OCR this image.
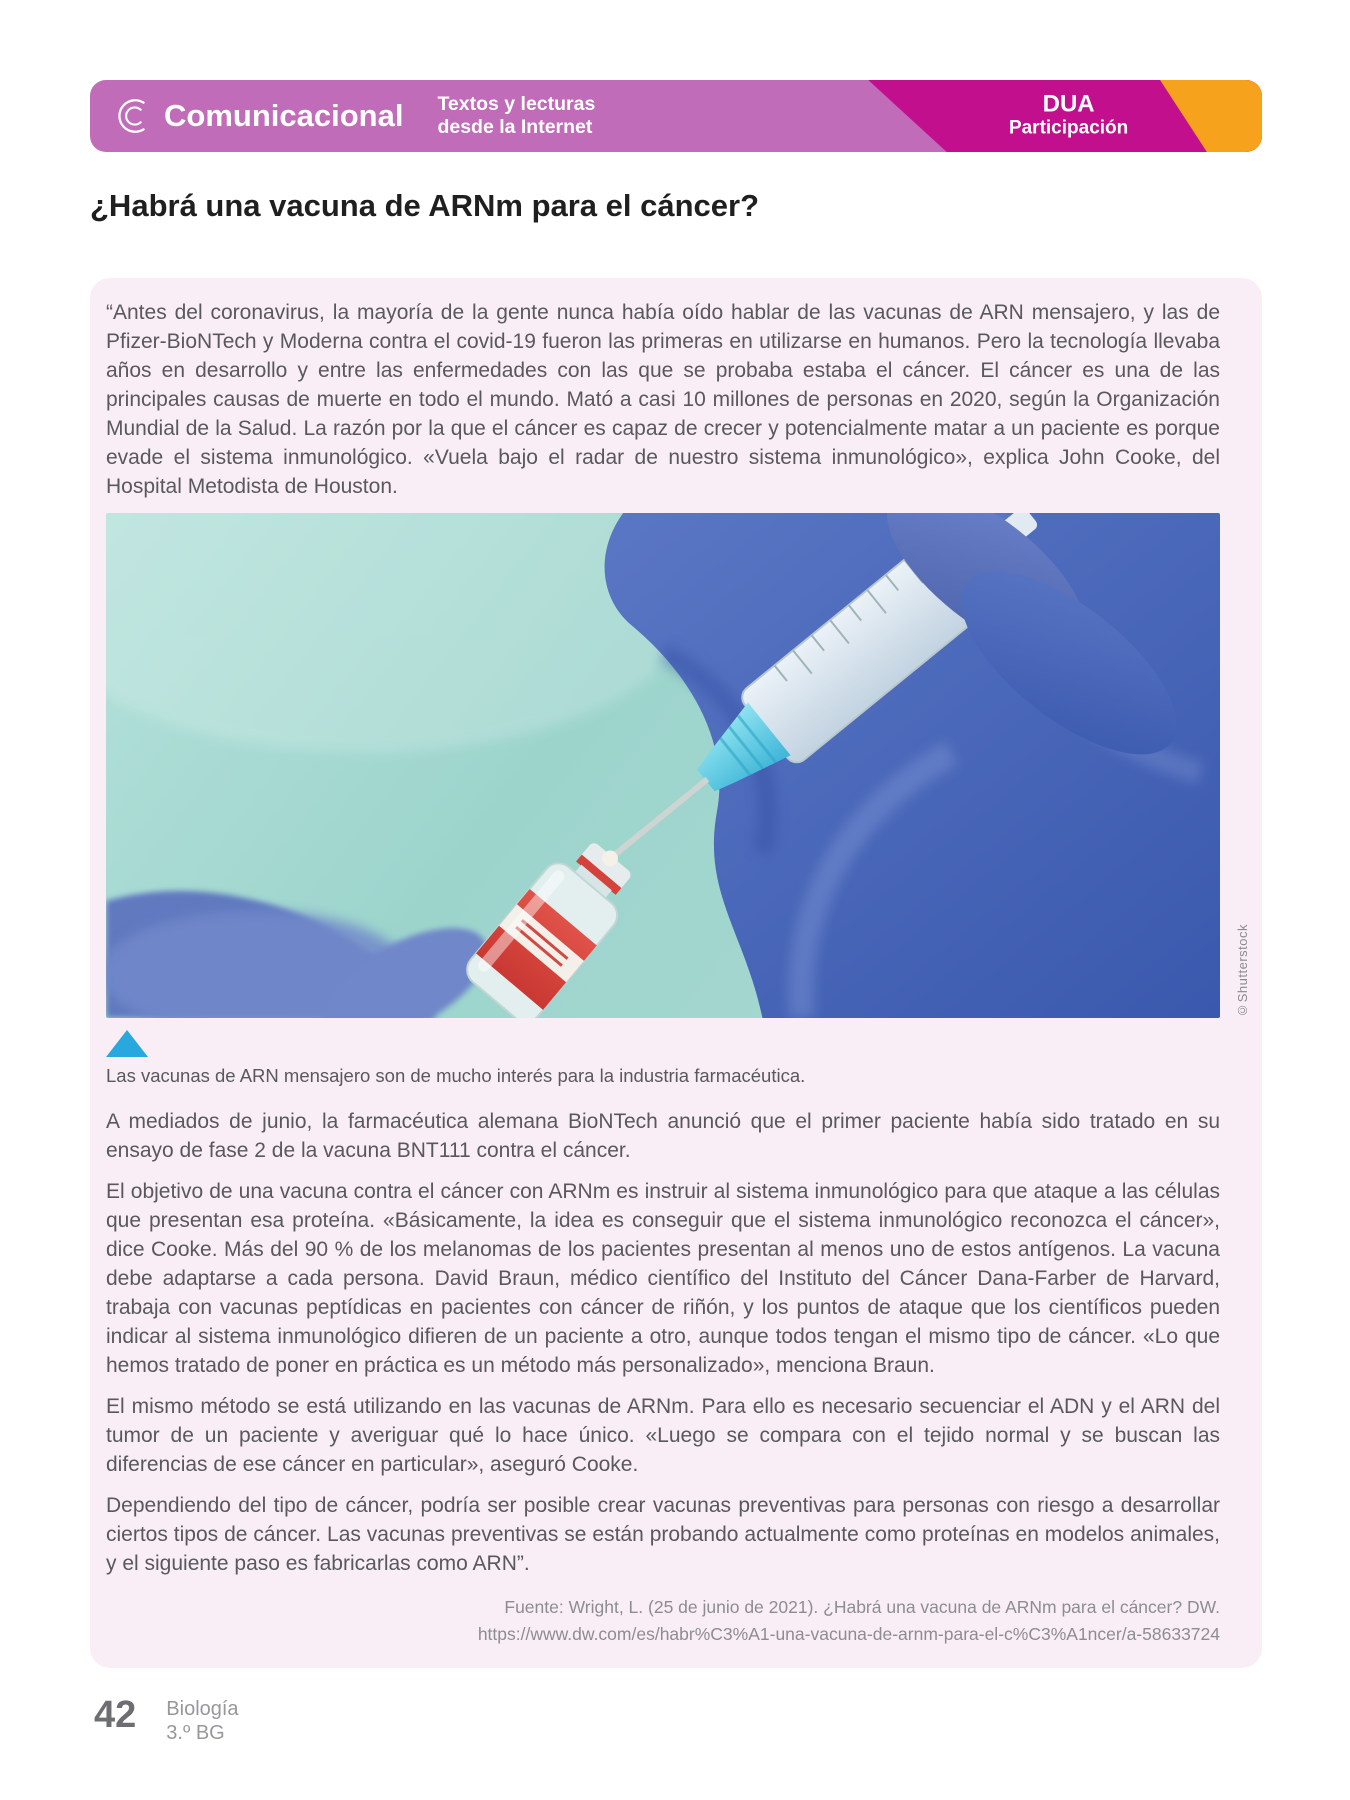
Comunicacional Textos y lecturas
desde la Internet
DUA
Participación
¿Habrá una vacuna de ARNm para el cáncer?

“Antes del coronavirus, la mayoría de la gente nunca había oído hablar de las vacunas de ARN mensajero, y las de Pfizer-BioNTech y Moderna contra el covid-19 fueron las primeras en utilizarse en humanos. Pero la tecnología llevaba años en desarrollo y entre las enfermedades con las que se probaba estaba el cáncer. El cáncer es una de las principales causas de muerte en todo el mundo. Mató a casi 10 millones de personas en 2020, según la Organización Mundial de la Salud. La razón por la que el cáncer es capaz de crecer y potencialmente matar a un paciente es porque evade el sistema inmunológico. «Vuela bajo el radar de nuestro sistema inmunológico», explica John Cooke, del Hospital Metodista de Houston.

©Shutterstock

Las vacunas de ARN mensajero son de mucho interés para la industria farmacéutica.

A mediados de junio, la farmacéutica alemana BioNTech anunció que el primer paciente había sido tratado en su ensayo de fase 2 de la vacuna BNT111 contra el cáncer.

El objetivo de una vacuna contra el cáncer con ARNm es instruir al sistema inmunológico para que ataque a las células que presentan esa proteína. «Básicamente, la idea es conseguir que el sistema inmunológico reconozca el cáncer», dice Cooke. Más del 90 % de los melanomas de los pacientes presentan al menos uno de estos antígenos. La vacuna debe adaptarse a cada persona. David Braun, médico científico del Instituto del Cáncer Dana-Farber de Harvard, trabaja con vacunas peptídicas en pacientes con cáncer de riñón, y los puntos de ataque que los científicos pueden indicar al sistema inmunológico difieren de un paciente a otro, aunque todos tengan el mismo tipo de cáncer. «Lo que hemos tratado de poner en práctica es un método más personalizado», menciona Braun.

El mismo método se está utilizando en las vacunas de ARNm. Para ello es necesario secuenciar el ADN y el ARN del tumor de un paciente y averiguar qué lo hace único. «Luego se compara con el tejido normal y se buscan las diferencias de ese cáncer en particular», aseguró Cooke.

Dependiendo del tipo de cáncer, podría ser posible crear vacunas preventivas para personas con riesgo a desarrollar ciertos tipos de cáncer. Las vacunas preventivas se están probando actualmente como proteínas en modelos animales, y el siguiente paso es fabricarlas como ARN”.

Fuente: Wright, L. (25 de junio de 2021). ¿Habrá una vacuna de ARNm para el cáncer? DW.
https://www.dw.com/es/habr%C3%A1-una-vacuna-de-arnm-para-el-c%C3%A1ncer/a-58633724

42 Biología
3.º BG
